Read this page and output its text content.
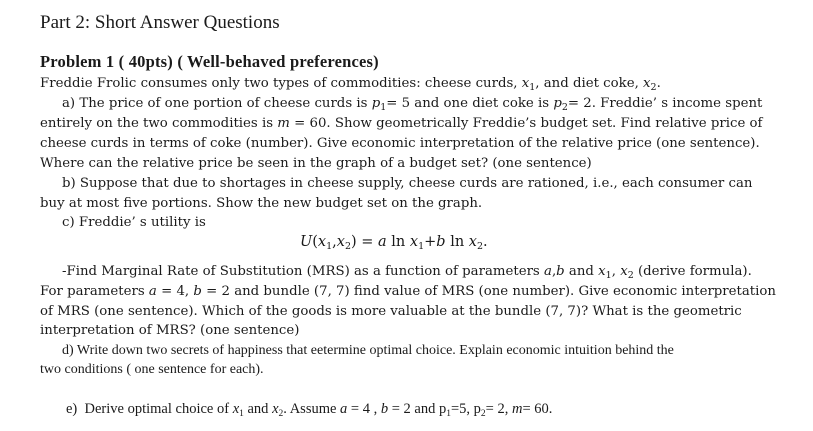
Part 2: Short Answer Questions
Problem 1 ( 40pts) ( Well-behaved preferences)
Freddie Frolic consumes only two types of commodities: cheese curds, $x_1$, and diet coke, $x_2$.
a) The price of one portion of cheese curds is $p_1= 5$ and one diet coke is $p_2= 2$. Freddie’ s income spent
entirely on the two commodities is m = 60. Show geometrically Freddie’s budget set. Find relative price of
cheese curds in terms of coke (number). Give economic interpretation of the relative price (one sentence).
Where can the relative price be seen in the graph of a budget set? (one sentence)
b) Suppose that due to shortages in cheese supply, cheese curds are rationed, i.e., each consumer can
buy at most five portions. Show the new budget set on the graph.
c) Freddie’ s utility is
$U(x_1,x_2) = a$ $\ln x_1+b$ $\ln x_2$.
-Find Marginal Rate of Substitution (MRS) as a function of parameters a,b and $x_1$, $x_2$ (derive formula).
For parameters a = 4, b = 2 and bundle (7, 7) find value of MRS (one number). Give economic interpretation
of MRS (one sentence). Which of the goods is more valuable at the bundle (7, 7)? What is the geometric
interpretation of MRS? (one sentence)
d) Write down two secrets of happiness that eetermine optimal choice. Explain economic intuition behind the
two conditions ( one sentence for each).
e) Derive optimal choice of $x_1$ and $x_2$. Assume a = 4 , b = 2 and $p_1=5$, $p_2= 2$, m= 60.
